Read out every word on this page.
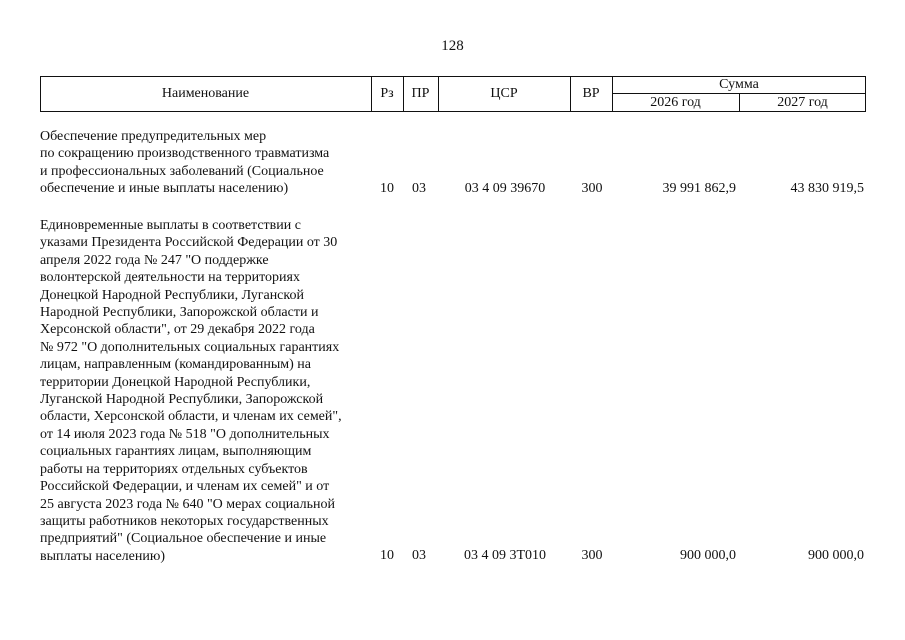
128
Наименование	Рз	ПР	ЦСР	ВР
Сумма
2026 год	2027 год
Обеспечение предупредительных мер
по сокращению производственного травматизма
и профессиональных заболеваний (Социальное
обеспечение и иные выплаты населению)	10	03	03 4 09 39670	300	39 991 862,9	43 830 919,5
Единовременные выплаты в соответствии с
указами Президента Российской Федерации от 30
апреля 2022 года № 247 "О поддержке
волонтерской деятельности на территориях
Донецкой Народной Республики, Луганской
Народной Республики, Запорожской области и
Херсонской области", от 29 декабря 2022 года
№ 972 "О дополнительных социальных гарантиях
лицам, направленным (командированным) на
территории Донецкой Народной Республики,
Луганской Народной Республики, Запорожской
области, Херсонской области, и членам их семей",
от 14 июля 2023 года № 518 "О дополнительных
социальных гарантиях лицам, выполняющим
работы на территориях отдельных субъектов
Российской Федерации, и членам их семей" и от
25 августа 2023 года № 640 "О мерах социальной
защиты работников некоторых государственных
предприятий" (Социальное обеспечение и иные
выплаты населению)	10	03	03 4 09 3Т010	300	900 000,0	900 000,0
